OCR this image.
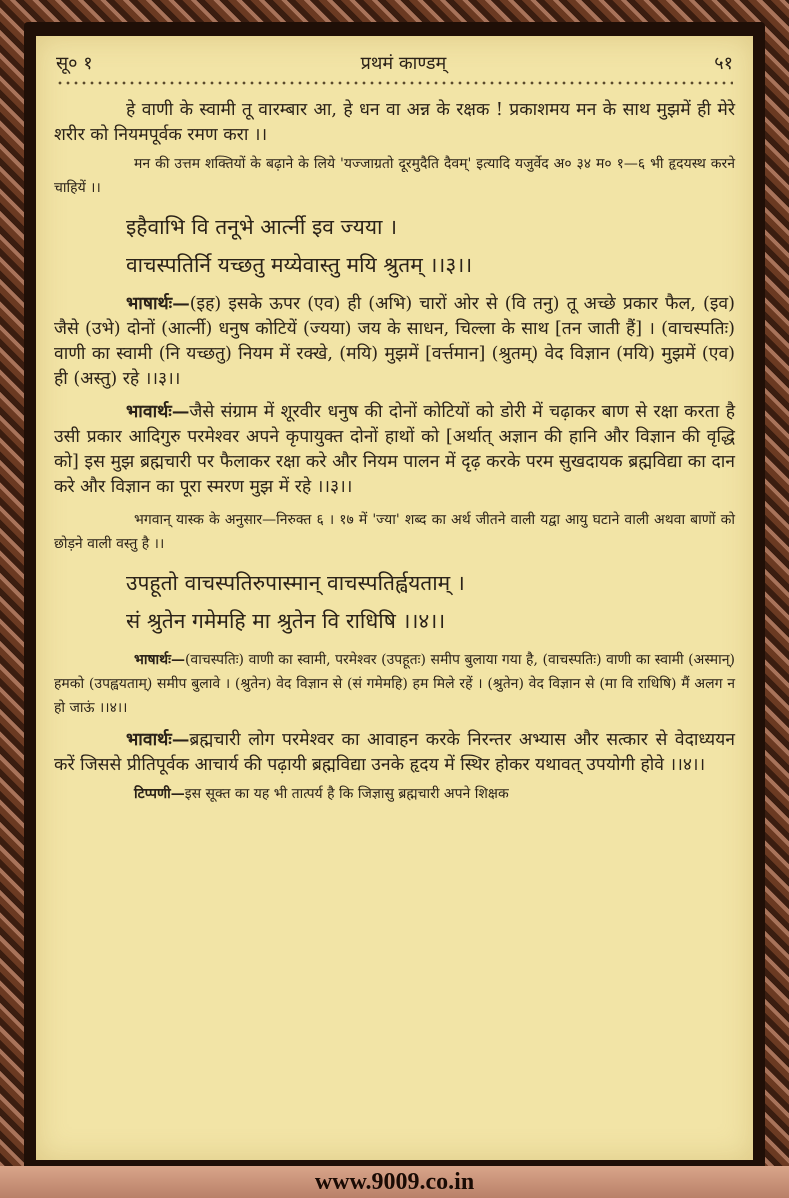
सू० १	प्रथमं काण्डम्	५१

हे वाणी के स्वामी तू वारम्बार आ, हे धन वा अन्न के रक्षक ! प्रकाशमय मन के साथ मुझमें ही मेरे शरीर को नियमपूर्वक रमण करा ।।

मन की उत्तम शक्तियों के बढ़ाने के लिये 'यज्जाग्रतो दूरमुदैति दैवम्' इत्यादि यजुर्वेद अ० ३४ म० १—६ भी हृदयस्थ करने चाहियें ।।

इहैवाभि वि तनूभे आर्त्नी इव ज्यया ।

वाचस्पतिर्नि यच्छतु मय्येवास्तु मयि श्रुतम् ।।३।।

भाषार्थः—(इह) इसके ऊपर (एव) ही (अभि) चारों ओर से (वि तनु) तू अच्छे प्रकार फैल, (इव) जैसे (उभे) दोनों (आर्त्नी) धनुष कोटियें (ज्यया) जय के साधन, चिल्ला के साथ [तन जाती हैं] । (वाचस्पतिः) वाणी का स्वामी (नि यच्छतु) नियम में रक्खे, (मयि) मुझमें [वर्त्तमान] (श्रुतम्) वेद विज्ञान (मयि) मुझमें (एव) ही (अस्तु) रहे ।।३।।

भावार्थः—जैसे संग्राम में शूरवीर धनुष की दोनों कोटियों को डोरी में चढ़ाकर बाण से रक्षा करता है उसी प्रकार आदिगुरु परमेश्वर अपने कृपायुक्त दोनों हाथों को [अर्थात् अज्ञान की हानि और विज्ञान की वृद्धि को] इस मुझ ब्रह्मचारी पर फैलाकर रक्षा करे और नियम पालन में दृढ़ करके परम सुखदायक ब्रह्मविद्या का दान करे और विज्ञान का पूरा स्मरण मुझ में रहे ।।३।।

भगवान् यास्क के अनुसार—निरुक्त ६ । १७ में 'ज्या' शब्द का अर्थ जीतने वाली यद्वा आयु घटाने वाली अथवा बाणों को छोड़ने वाली वस्तु है ।।

उपहूतो वाचस्पतिरुपास्मान् वाचस्पतिर्ह्वयताम् ।

सं श्रुतेन गमेमहि मा श्रुतेन वि राधिषि ।।४।।

भाषार्थः—(वाचस्पतिः) वाणी का स्वामी, परमेश्वर (उपहूतः) समीप बुलाया गया है, (वाचस्पतिः) वाणी का स्वामी (अस्मान्) हमको (उपह्वयताम्) समीप बुलावे । (श्रुतेन) वेद विज्ञान से (सं गमेमहि) हम मिले रहें । (श्रुतेन) वेद विज्ञान से (मा वि राधिषि) मैं अलग न हो जाऊं ।।४।।

भावार्थः—ब्रह्मचारी लोग परमेश्वर का आवाहन करके निरन्तर अभ्यास और सत्कार से वेदाध्ययन करें जिससे प्रीतिपूर्वक आचार्य की पढ़ायी ब्रह्मविद्या उनके हृदय में स्थिर होकर यथावत् उपयोगी होवे ।।४।।

टिप्पणी—इस सूक्त का यह भी तात्पर्य है कि जिज्ञासु ब्रह्मचारी अपने शिक्षक

www.9009.co.in
